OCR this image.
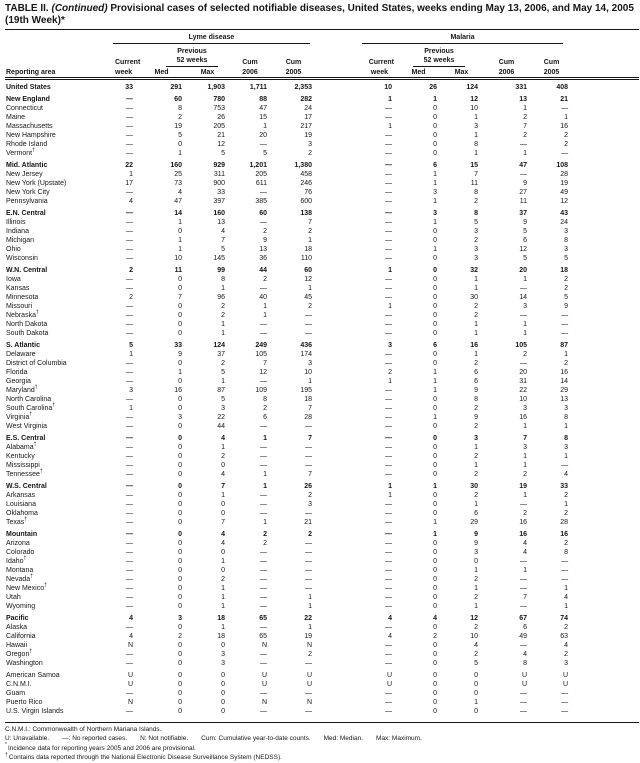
TABLE II. (Continued) Provisional cases of selected notifiable diseases, United States, weeks ending May 13, 2006, and May 14, 2005
(19th Week)*
Reporting area	Lyme disease					Malaria					

		Previous					Previous				
	Current	52 weeks		Cum	Cum	Current	52 weeks		Cum	Cum	
	week	Med	Max	2006	2005	week	Med	Max	2006	2005	
United States	33	291	1,903	1,711	2,353	10	26	124	331	408	
New England	—	60	780	88	282	1	1	12	13	21	
Connecticut	—	8	753	47	24	—	0	10	1	—	
Maine	—	2	26	15	17	—	0	1	2	1	
Massachusetts	—	19	205	1	217	1	0	3	7	16	
New Hampshire	—	5	21	20	19	—	0	1	2	2	
Rhode Island	—	0	12	—	3	—	0	8	—	2	
Vermont†	—	1	5	5	2	—	0	1	1	—	
Mid. Atlantic	22	160	929	1,201	1,380	—	6	15	47	108	
New Jersey	1	25	311	205	458	—	1	7	—	28	
New York (Upstate)	17	73	900	611	246	—	1	11	9	19	
New York City	—	4	33	—	76	—	3	8	27	49	
Pennsylvania	4	47	397	385	600	—	1	2	11	12	
E.N. Central	—	14	160	60	138	—	3	8	37	43	
Illinois	—	1	13	—	7	—	1	5	9	24	
Indiana	—	0	4	2	2	—	0	3	5	3	
Michigan	—	1	7	9	1	—	0	2	6	8	
Ohio	—	1	5	13	18	—	1	3	12	3	
Wisconsin	—	10	145	36	110	—	0	3	5	5	
W.N. Central	2	11	99	44	60	1	0	32	20	18	
Iowa	—	0	8	2	12	—	0	1	1	2	
Kansas	—	0	1	—	1	—	0	1	—	2	
Minnesota	2	7	96	40	45	—	0	30	14	5	
Missouri	—	0	2	1	2	1	0	2	3	9	
Nebraska†	—	0	2	1	—	—	0	2	—	—	
North Dakota	—	0	1	—	—	—	0	1	1	—	
South Dakota	—	0	1	—	—	—	0	1	1	—	
S. Atlantic	5	33	124	249	436	3	6	16	105	87	
Delaware	1	9	37	105	174	—	0	1	2	1	
District of Columbia	—	0	2	7	3	—	0	2	—	2	
Florida	—	1	5	12	10	2	1	6	20	16	
Georgia	—	0	1	—	1	1	1	6	31	14	
Maryland†	3	16	87	109	195	—	1	9	22	29	
North Carolina	—	0	5	8	18	—	0	8	10	13	
South Carolina†	1	0	3	2	7	—	0	2	3	3	
Virginia†	—	3	22	6	28	—	1	9	16	8	
West Virginia	—	0	44	—	—	—	0	2	1	1	
E.S. Central	—	0	4	1	7	—	0	3	7	8	
Alabama†	—	0	1	—	—	—	0	1	3	3	
Kentucky	—	0	2	—	—	—	0	2	1	1	
Mississippi	—	0	0	—	—	—	0	1	1	—	
Tennessee†	—	0	4	1	7	—	0	2	2	4	
W.S. Central	—	0	7	1	26	1	1	30	19	33	
Arkansas	—	0	1	—	2	1	0	2	1	2	
Louisiana	—	0	0	—	3	—	0	1	—	1	
Oklahoma	—	0	0	—	—	—	0	6	2	2	
Texas†	—	0	7	1	21	—	1	29	16	28	
Mountain	—	0	4	2	2	—	1	9	16	16	
Arizona	—	0	4	2	—	—	0	9	4	2	
Colorado	—	0	0	—	—	—	0	3	4	8	
Idaho†	—	0	1	—	—	—	0	0	—	—	
Montana	—	0	0	—	—	—	0	1	1	—	
Nevada†	—	0	2	—	—	—	0	2	—	—	
New Mexico†	—	0	1	—	—	—	0	1	—	1	
Utah	—	0	1	—	1	—	0	2	7	4	
Wyoming	—	0	1	—	1	—	0	1	—	1	
Pacific	4	3	18	65	22	4	4	12	67	74	
Alaska	—	0	1	—	1	—	0	2	6	2	
California	4	2	18	65	19	4	2	10	49	63	
Hawaii	N	0	0	N	N	—	0	4	—	4	
Oregon†	—	0	3	—	2	—	0	2	4	2	
Washington	—	0	3	—	—	—	0	5	8	3	
American Samoa	U	0	0	U	U	U	0	0	U	U	
C.N.M.I.	U	0	0	U	U	U	0	0	U	U	
Guam	—	0	0	—	—	—	0	0	—	—	
Puerto Rico	N	0	0	N	N	—	0	1	—	—	
U.S. Virgin Islands	—	0	0	—	—	—	0	0	—	—	
C.N.M.I.: Commonwealth of Northern Mariana Islands.
U: Unavailable. —: No reported cases. N: Not notifiable. Cum: Cumulative year-to-date counts. Med: Median. Max: Maximum.
*Incidence data for reporting years 2005 and 2006 are provisional.
†Contains data reported through the National Electronic Disease Surveillance System (NEDSS).
